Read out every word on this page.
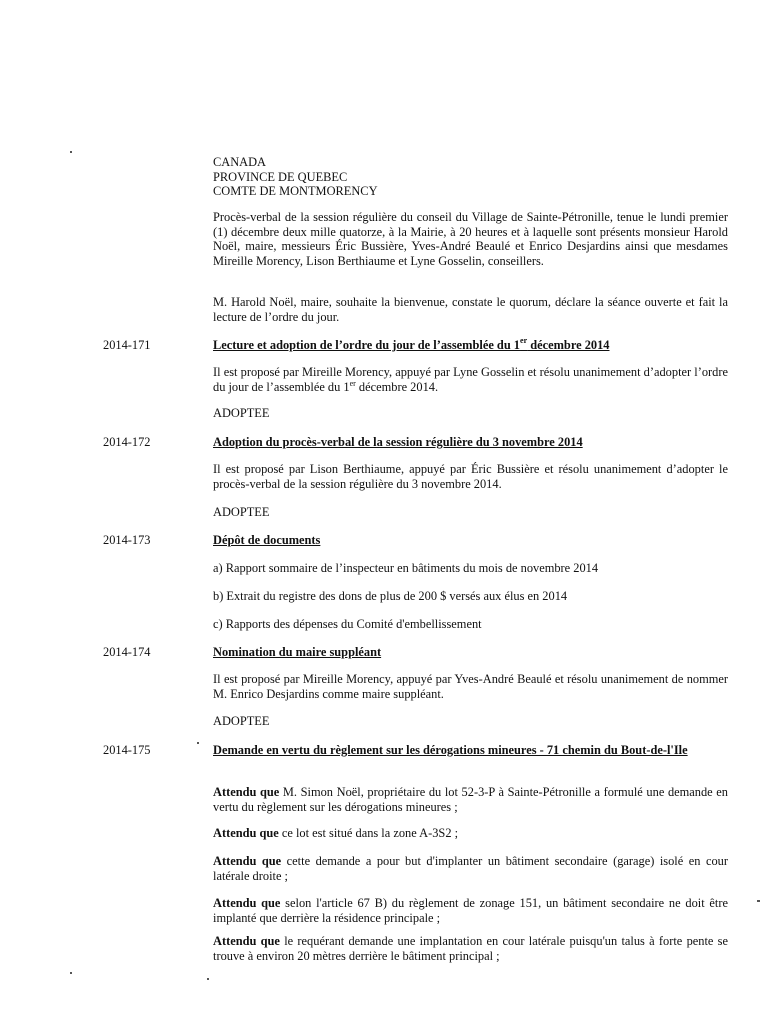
CANADA
PROVINCE DE QUEBEC
COMTE DE MONTMORENCY

Procès-verbal de la session régulière du conseil du Village de Sainte-Pétronille, tenue le lundi premier (1) décembre deux mille quatorze, à la Mairie, à 20 heures et à laquelle sont présents monsieur Harold Noël, maire, messieurs Éric Bussière, Yves-André Beaulé et Enrico Desjardins ainsi que mesdames Mireille Morency, Lison Berthiaume et Lyne Gosselin, conseillers.

M. Harold Noël, maire, souhaite la bienvenue, constate le quorum, déclare la séance ouverte et fait la lecture de l’ordre du jour.

2014-171	Lecture et adoption de l’ordre du jour de l’assemblée du 1er décembre 2014

Il est proposé par Mireille Morency, appuyé par Lyne Gosselin et résolu unanimement d’adopter l’ordre du jour de l’assemblée du 1er décembre 2014.

ADOPTEE

2014-172	Adoption du procès-verbal de la session régulière du 3 novembre 2014

Il est proposé par Lison Berthiaume, appuyé par Éric Bussière et résolu unanimement d’adopter le procès-verbal de la session régulière du 3 novembre 2014.

ADOPTEE

2014-173	Dépôt de documents

a) Rapport sommaire de l’inspecteur en bâtiments du mois de novembre 2014

b) Extrait du registre des dons de plus de 200 $ versés aux élus en 2014

c) Rapports des dépenses du Comité d'embellissement

2014-174	Nomination du maire suppléant

Il est proposé par Mireille Morency, appuyé par Yves-André Beaulé et résolu unanimement de nommer M. Enrico Desjardins comme maire suppléant.

ADOPTEE

2014-175	Demande en vertu du règlement sur les dérogations mineures - 71 chemin du Bout-de-l'Ile

Attendu que M. Simon Noël, propriétaire du lot 52-3-P à Sainte-Pétronille a formulé une demande en vertu du règlement sur les dérogations mineures ;

Attendu que ce lot est situé dans la zone A-3S2 ;

Attendu que cette demande a pour but d'implanter un bâtiment secondaire (garage) isolé en cour latérale droite ;

Attendu que selon l'article 67 B) du règlement de zonage 151, un bâtiment secondaire ne doit être implanté que derrière la résidence principale ;

Attendu que le requérant demande une implantation en cour latérale puisqu'un talus à forte pente se trouve à environ 20 mètres derrière le bâtiment principal ;
